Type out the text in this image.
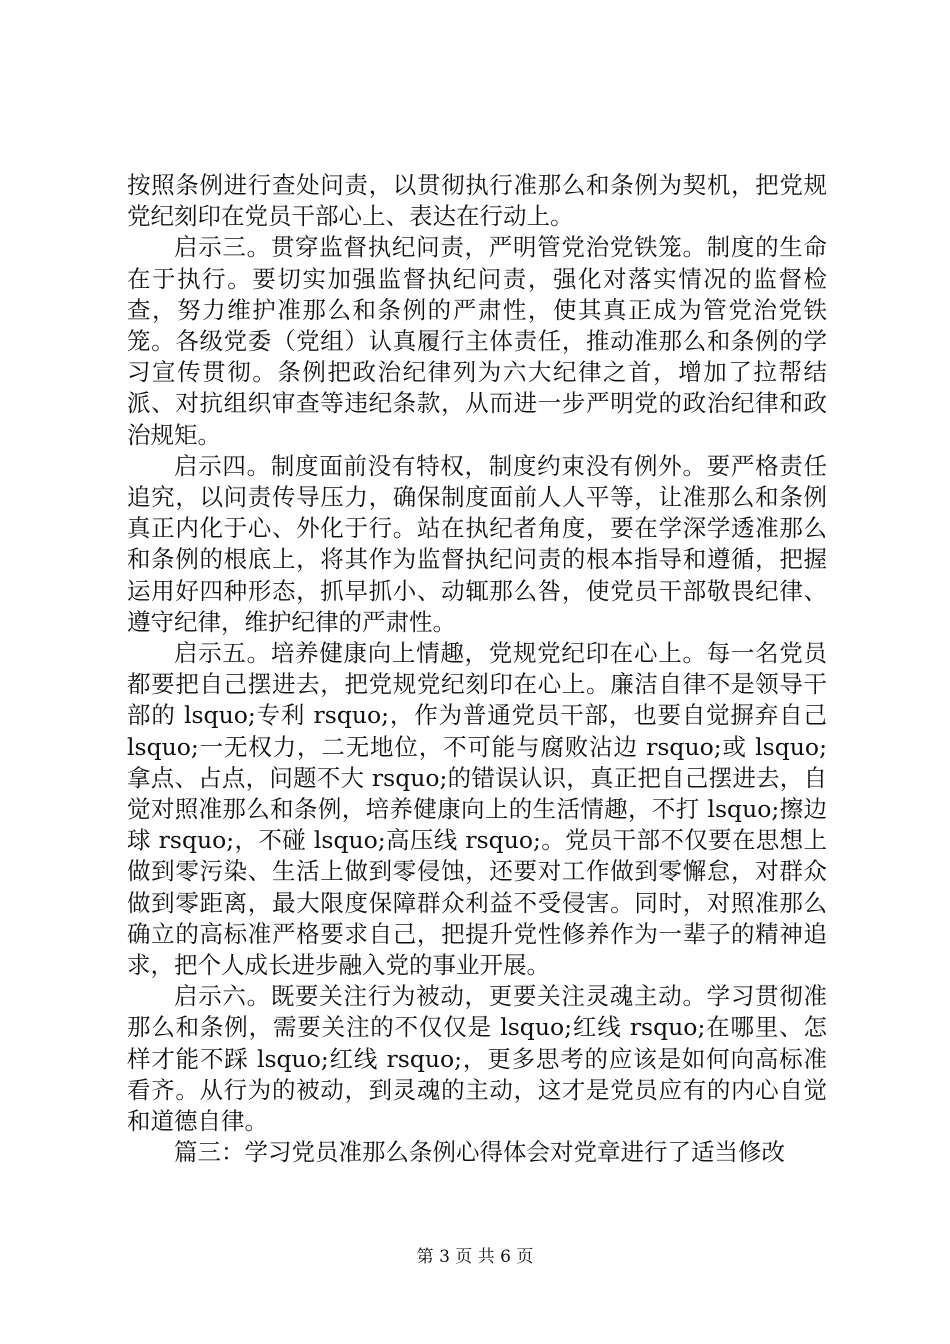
按照条例进行查处问责，以贯彻执行准那么和条例为契机，把党规党纪刻印在党员干部心上、表达在行动上。

启示三。贯穿监督执纪问责，严明管党治党铁笼。制度的生命在于执行。要切实加强监督执纪问责，强化对落实情况的监督检查，努力维护准那么和条例的严肃性，使其真正成为管党治党铁笼。各级党委（党组）认真履行主体责任，推动准那么和条例的学习宣传贯彻。条例把政治纪律列为六大纪律之首，增加了拉帮结派、对抗组织审查等违纪条款，从而进一步严明党的政治纪律和政治规矩。

启示四。制度面前没有特权，制度约束没有例外。要严格责任追究，以问责传导压力，确保制度面前人人平等，让准那么和条例真正内化于心、外化于行。站在执纪者角度，要在学深学透准那么和条例的根底上，将其作为监督执纪问责的根本指导和遵循，把握运用好四种形态，抓早抓小、动辄那么咎，使党员干部敬畏纪律、遵守纪律，维护纪律的严肃性。

启示五。培养健康向上情趣，党规党纪印在心上。每一名党员都要把自己摆进去，把党规党纪刻印在心上。廉洁自律不是领导干部的 lsquo;专利 rsquo;，作为普通党员干部，也要自觉摒弃自己 lsquo;一无权力，二无地位，不可能与腐败沾边 rsquo;或 lsquo;拿点、占点，问题不大 rsquo;的错误认识，真正把自己摆进去，自觉对照准那么和条例，培养健康向上的生活情趣，不打 lsquo;擦边球 rsquo;，不碰 lsquo;高压线 rsquo;。党员干部不仅要在思想上做到零污染、生活上做到零侵蚀，还要对工作做到零懈怠，对群众做到零距离，最大限度保障群众利益不受侵害。同时，对照准那么确立的高标准严格要求自己，把提升党性修养作为一辈子的精神追求，把个人成长进步融入党的事业开展。

启示六。既要关注行为被动，更要关注灵魂主动。学习贯彻准那么和条例，需要关注的不仅仅是 lsquo;红线 rsquo;在哪里、怎样才能不踩 lsquo;红线 rsquo;，更多思考的应该是如何向高标准看齐。从行为的被动，到灵魂的主动，这才是党员应有的内心自觉和道德自律。

篇三：学习党员准那么条例心得体会对党章进行了适当修改

第 3 页 共 6 页
